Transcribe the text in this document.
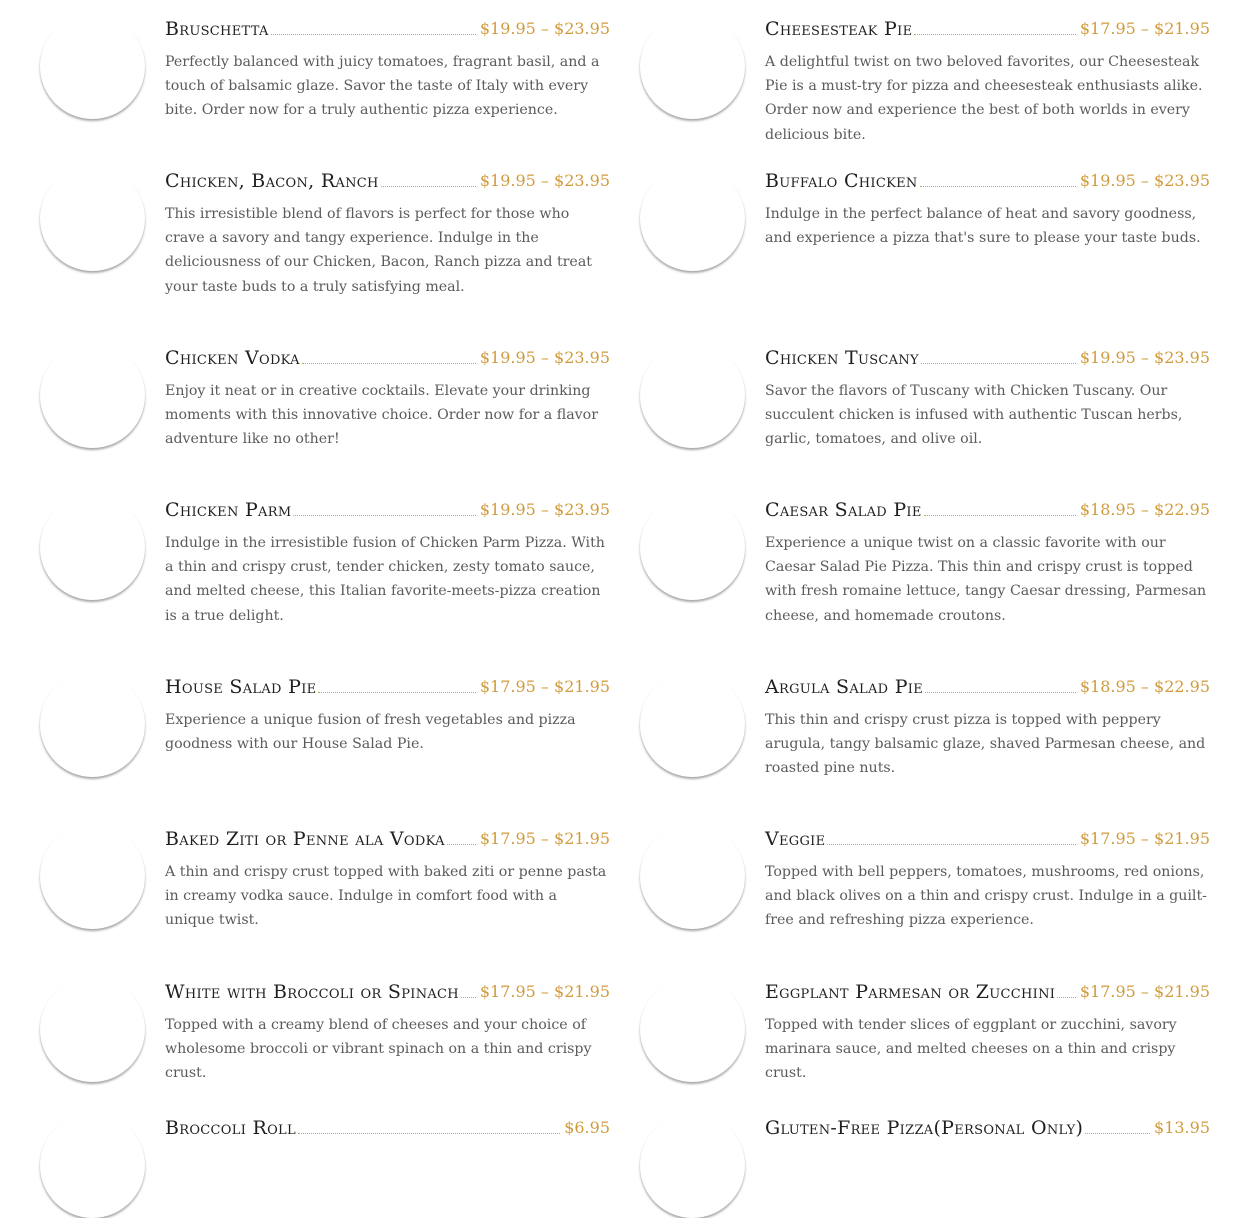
Bruschetta	$19.95 – $23.95
Perfectly balanced with juicy tomatoes, fragrant basil, and a touch of balsamic glaze. Savor the taste of Italy with every bite. Order now for a truly authentic pizza experience.
Cheesesteak Pie	$17.95 – $21.95
A delightful twist on two beloved favorites, our Cheesesteak Pie is a must-try for pizza and cheesesteak enthusiasts alike. Order now and experience the best of both worlds in every delicious bite.
Chicken, Bacon, Ranch	$19.95 – $23.95
This irresistible blend of flavors is perfect for those who crave a savory and tangy experience. Indulge in the deliciousness of our Chicken, Bacon, Ranch pizza and treat your taste buds to a truly satisfying meal.
Buffalo Chicken	$19.95 – $23.95
Indulge in the perfect balance of heat and savory goodness, and experience a pizza that's sure to please your taste buds.
Chicken Vodka	$19.95 – $23.95
Enjoy it neat or in creative cocktails. Elevate your drinking moments with this innovative choice. Order now for a flavor adventure like no other!
Chicken Tuscany	$19.95 – $23.95
Savor the flavors of Tuscany with Chicken Tuscany. Our succulent chicken is infused with authentic Tuscan herbs, garlic, tomatoes, and olive oil.
Chicken Parm	$19.95 – $23.95
Indulge in the irresistible fusion of Chicken Parm Pizza. With a thin and crispy crust, tender chicken, zesty tomato sauce, and melted cheese, this Italian favorite-meets-pizza creation is a true delight.
Caesar Salad Pie	$18.95 – $22.95
Experience a unique twist on a classic favorite with our Caesar Salad Pie Pizza. This thin and crispy crust is topped with fresh romaine lettuce, tangy Caesar dressing, Parmesan cheese, and homemade croutons.
House Salad Pie	$17.95 – $21.95
Experience a unique fusion of fresh vegetables and pizza goodness with our House Salad Pie.
Argula Salad Pie	$18.95 – $22.95
This thin and crispy crust pizza is topped with peppery arugula, tangy balsamic glaze, shaved Parmesan cheese, and roasted pine nuts.
Baked Ziti or Penne ala Vodka $17.95 – $21.95
A thin and crispy crust topped with baked ziti or penne pasta in creamy vodka sauce. Indulge in comfort food with a unique twist.
Veggie	$17.95 – $21.95
Topped with bell peppers, tomatoes, mushrooms, red onions, and black olives on a thin and crispy crust. Indulge in a guilt-free and refreshing pizza experience.
White with Broccoli or Spinach $17.95 – $21.95
Topped with a creamy blend of cheeses and your choice of wholesome broccoli or vibrant spinach on a thin and crispy crust.
Eggplant Parmesan or Zucchini $17.95 – $21.95
Topped with tender slices of eggplant or zucchini, savory marinara sauce, and melted cheeses on a thin and crispy crust.
Broccoli Roll	$6.95	Gluten-Free Pizza(Personal Only)	$13.95
